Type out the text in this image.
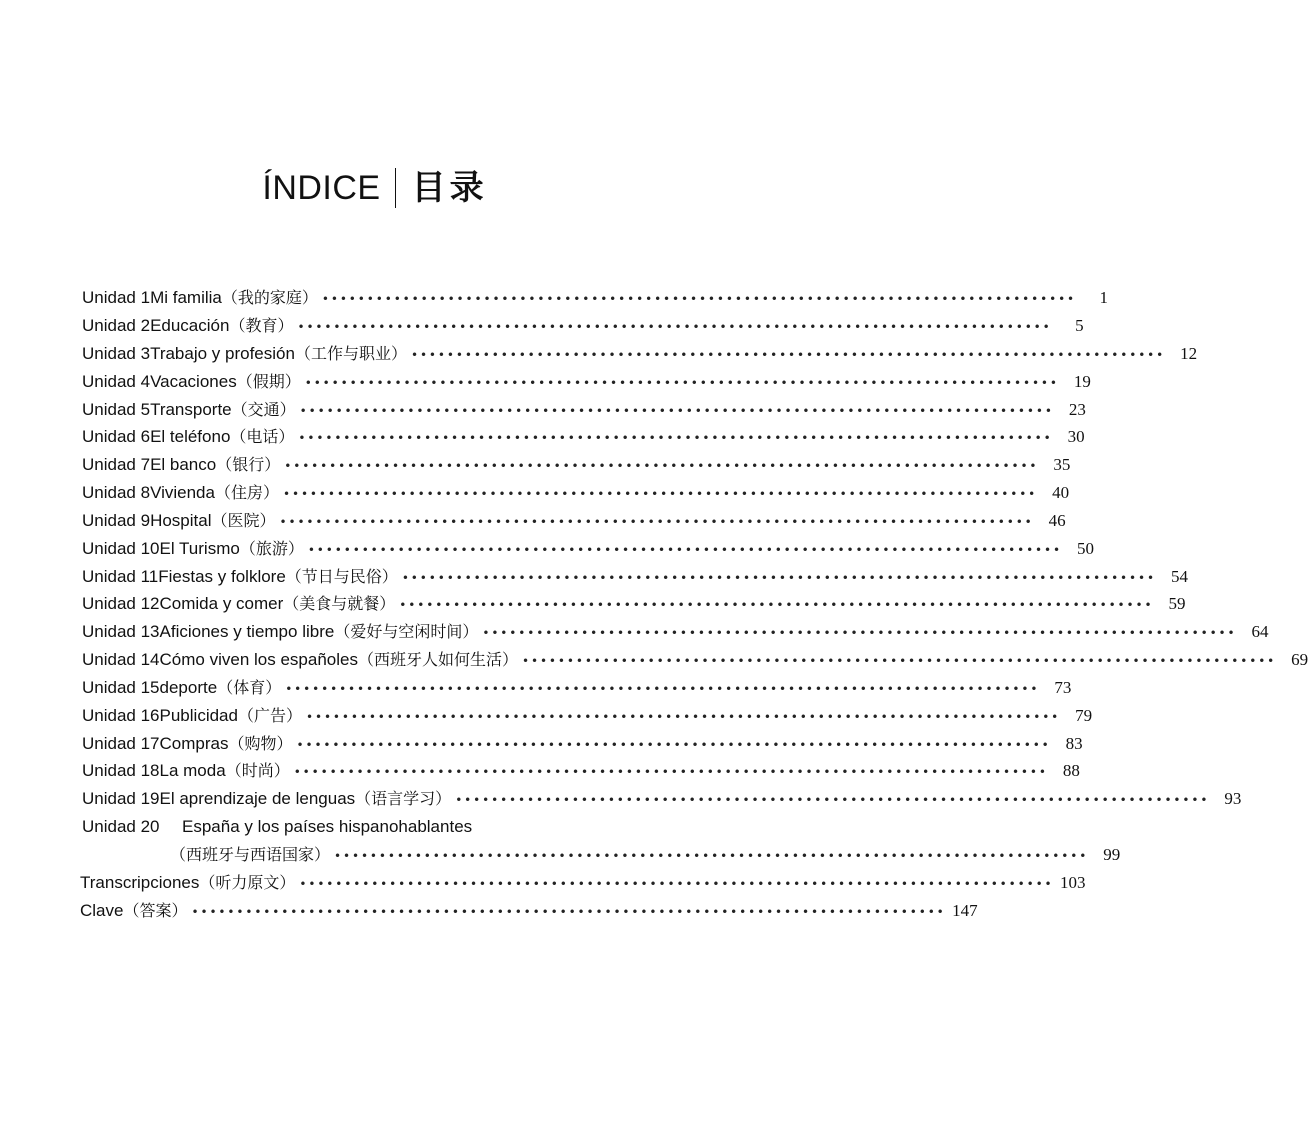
ÍNDICE 目录
Unidad 1 Mi familia （我的家庭） ••••••••••••••••••••••••••••••••••••••••••••••••••••••••••••••••••••••••••••••••••••	1
Unidad 2 Educación （教育） ••••••••••••••••••••••••••••••••••••••••••••••••••••••••••••••••••••••••••••••••••••	5
Unidad 3 Trabajo y profesión （工作与职业） •••••••••••••••••••••••••••••••••••••••••••••••••••••••••••••••••••••••••••••••••••• 12
Unidad 4 Vacaciones （假期） •••••••••••••••••••••••••••••••••••••••••••••••••••••••••••••••••••••••••••••••••••• 19
Unidad 5 Transporte （交通） •••••••••••••••••••••••••••••••••••••••••••••••••••••••••••••••••••••••••••••••••••• 23
Unidad 6 El teléfono （电话） •••••••••••••••••••••••••••••••••••••••••••••••••••••••••••••••••••••••••••••••••••• 30
Unidad 7 El banco （银行） •••••••••••••••••••••••••••••••••••••••••••••••••••••••••••••••••••••••••••••••••••• 35
Unidad 8 Vivienda （住房） •••••••••••••••••••••••••••••••••••••••••••••••••••••••••••••••••••••••••••••••••••• 40
Unidad 9 Hospital （医院） •••••••••••••••••••••••••••••••••••••••••••••••••••••••••••••••••••••••••••••••••••• 46
Unidad 10 El Turismo （旅游） •••••••••••••••••••••••••••••••••••••••••••••••••••••••••••••••••••••••••••••••••••• 50
Unidad 11 Fiestas y folklore （节日与民俗） •••••••••••••••••••••••••••••••••••••••••••••••••••••••••••••••••••••••••••••••••••• 54
Unidad 12 Comida y comer （美食与就餐） •••••••••••••••••••••••••••••••••••••••••••••••••••••••••••••••••••••••••••••••••••• 59
Unidad 13 Aficiones y tiempo libre （爱好与空闲时间） •••••••••••••••••••••••••••••••••••••••••••••••••••••••••••••••••••••••••••••••••••• 64
Unidad 14 Cómo viven los españoles （西班牙人如何生活） •••••••••••••••••••••••••••••••••••••••••••••••••••••••••••••••••••••••••••••••••••• 69
Unidad 15 deporte （体育） •••••••••••••••••••••••••••••••••••••••••••••••••••••••••••••••••••••••••••••••••••• 73
Unidad 16 Publicidad （广告） •••••••••••••••••••••••••••••••••••••••••••••••••••••••••••••••••••••••••••••••••••• 79
Unidad 17 Compras （购物） •••••••••••••••••••••••••••••••••••••••••••••••••••••••••••••••••••••••••••••••••••• 83
Unidad 18 La moda （时尚） •••••••••••••••••••••••••••••••••••••••••••••••••••••••••••••••••••••••••••••••••••• 88
Unidad 19 El aprendizaje de lenguas （语言学习） •••••••••••••••••••••••••••••••••••••••••••••••••••••••••••••••••••••••••••••••••••• 93
Unidad 20	España y los países hispanohablantes
（西班牙与西语国家） •••••••••••••••••••••••••••••••••••••••••••••••••••••••••••••••••••••••••••••••••••• 99
Transcripciones （听力原文） •••••••••••••••••••••••••••••••••••••••••••••••••••••••••••••••••••••••••••••••••••• 103
Clave （答案） •••••••••••••••••••••••••••••••••••••••••••••••••••••••••••••••••••••••••••••••••••• 147
